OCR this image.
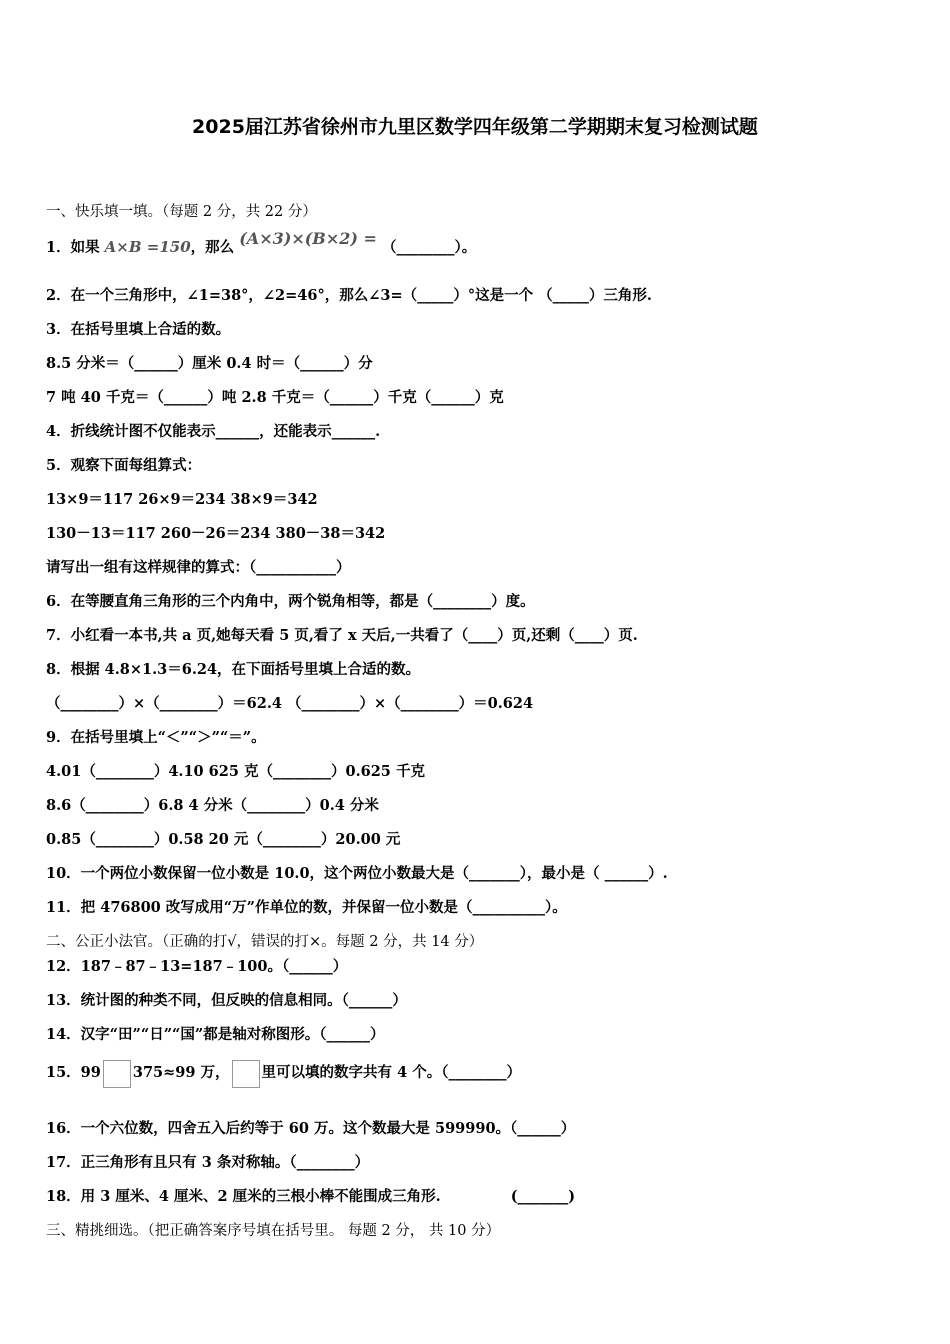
2025届江苏省徐州市九里区数学四年级第二学期期末复习检测试题
一、快乐填一填。（每题 2 分，共 22 分）
1．如果 A×B =150，那么 (A×3)×(B×2) = （________）。
2．在一个三角形中，∠1=38°，∠2=46°，那么∠3=（_____）°这是一个 （_____）三角形.
3．在括号里填上合适的数。
8.5 分米＝（______）厘米 0.4 时＝（______）分
7 吨 40 千克＝（______）吨 2.8 千克＝（______）千克（______）克
4．折线统计图不仅能表示______，还能表示______.
5．观察下面每组算式：
13×9＝117 26×9＝234 38×9＝342
130－13＝117 260－26＝234 380－38＝342
请写出一组有这样规律的算式：（___________）
6．在等腰直角三角形的三个内角中，两个锐角相等，都是（________）度。
7．小红看一本书,共 a 页,她每天看 5 页,看了 x 天后,一共看了（____）页,还剩（____）页.
8．根据 4.8×1.3＝6.24，在下面括号里填上合适的数。
（________）×（________）＝62.4 （________）×（________）＝0.624
9．在括号里填上“＜”“＞”“＝”。
4.01（________）4.10 625 克（________）0.625 千克
8.6（________）6.8 4 分米（________）0.4 分米
0.85（________）0.58 20 元（________）20.00 元
10．一个两位小数保留一位小数是 10.0，这个两位小数最大是（_______），最小是（ ______）.
11．把 476800 改写成用“万”作单位的数，并保留一位小数是（__________）。
二、公正小法官。（正确的打√，错误的打×。每题 2 分，共 14 分）
12．187﹣87﹣13=187﹣100。（______）
13．统计图的种类不同，但反映的信息相同。（______）
14．汉字“田”“日”“国”都是轴对称图形。（______）
15．99 375≈99 万， 里可以填的数字共有 4 个。（________）
16．一个六位数，四舍五入后约等于 60 万。这个数最大是 599990。（______）
17．正三角形有且只有 3 条对称轴。（________）
18．用 3 厘米、4 厘米、2 厘米的三根小棒不能围成三角形.	(_______)
三、精挑细选。（把正确答案序号填在括号里。 每题 2 分， 共 10 分）
